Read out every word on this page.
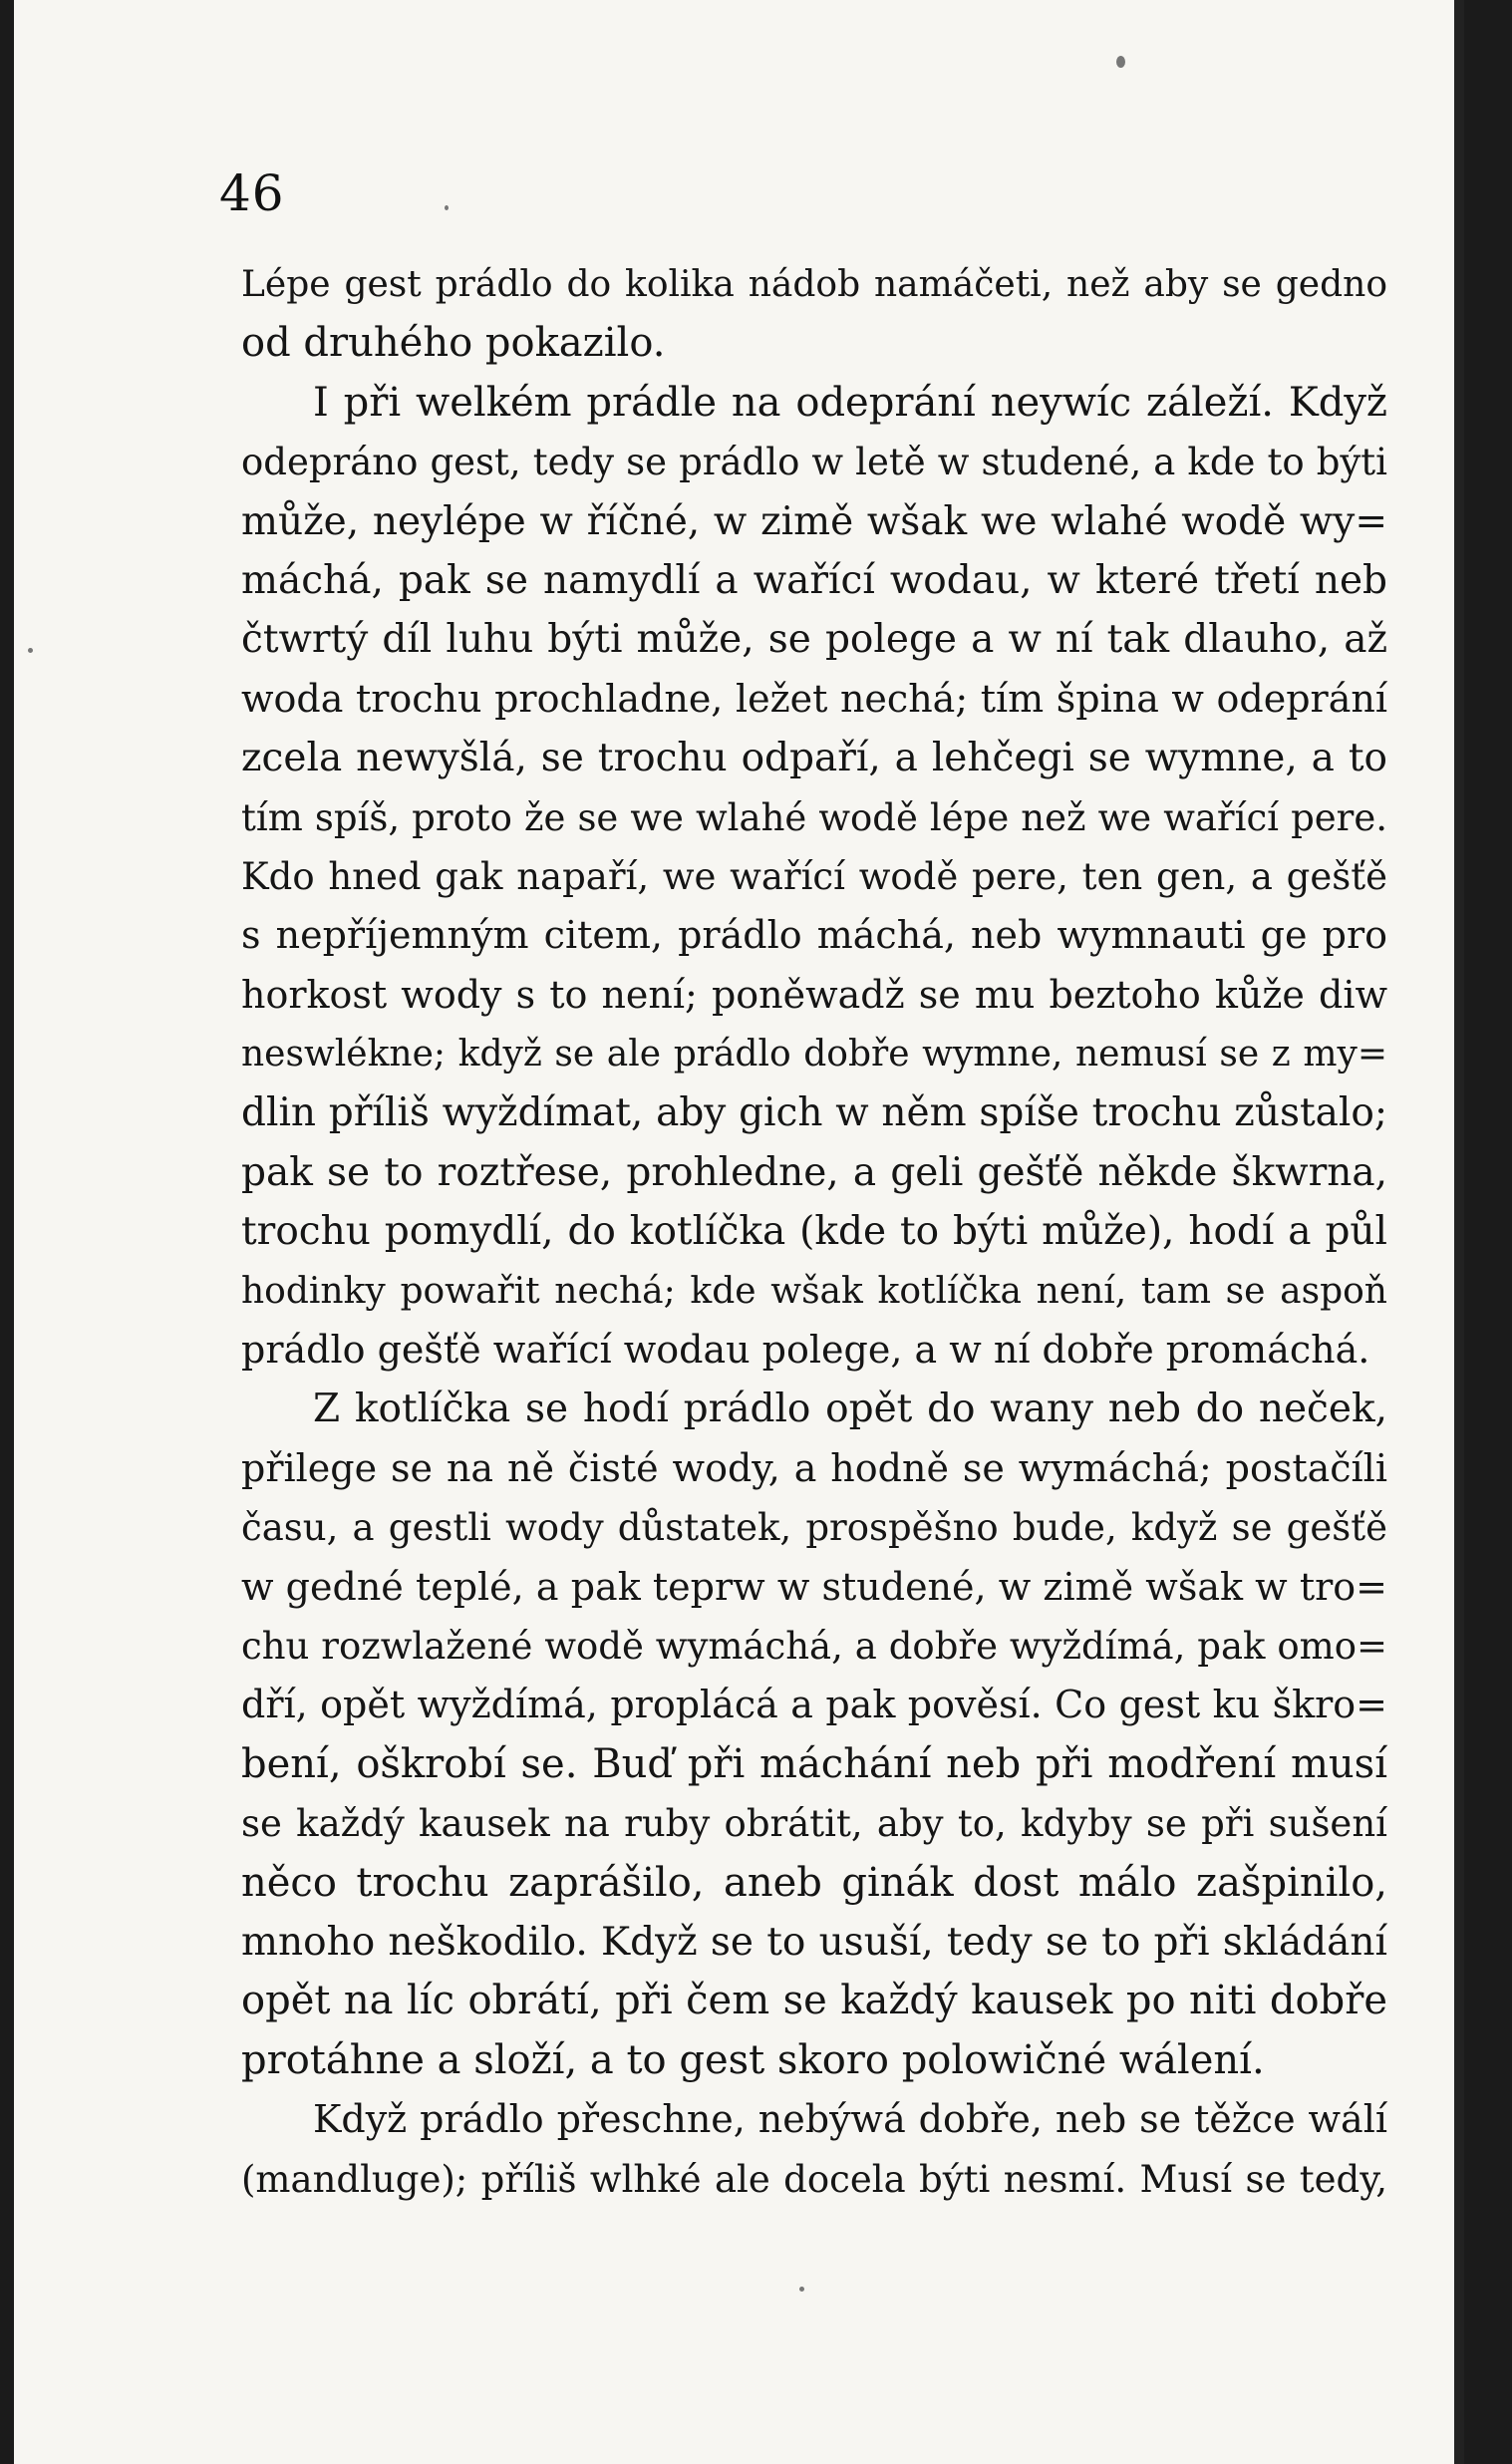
46
Lépe gest prádlo do kolika nádob namáčeti, než aby se gedno
od druhého pokazilo.
I při welkém prádle na odeprání neywíc záleží. Když
odepráno gest, tedy se prádlo w letě w studené, a kde to býti
může, neylépe w říčné, w zimě wšak we wlahé wodě wy=
máchá, pak se namydlí a wařící wodau, w které třetí neb
čtwrtý díl luhu býti může, se polege a w ní tak dlauho, až
woda trochu prochladne, ležet nechá; tím špina w odeprání
zcela newyšlá, se trochu odpaří, a lehčegi se wymne, a to
tím spíš, proto že se we wlahé wodě lépe než we wařící pere.
Kdo hned gak napaří, we wařící wodě pere, ten gen, a gešťě
s nepříjemným citem, prádlo máchá, neb wymnauti ge pro
horkost wody s to není; poněwadž se mu beztoho kůže diw
neswlékne; když se ale prádlo dobře wymne, nemusí se z my=
dlin příliš wyždímat, aby gich w něm spíše trochu zůstalo;
pak se to roztřese, prohledne, a geli gešťě někde škwrna,
trochu pomydlí, do kotlíčka (kde to býti může), hodí a půl
hodinky powařit nechá; kde wšak kotlíčka není, tam se aspoň
prádlo gešťě wařící wodau polege, a w ní dobře promáchá.
Z kotlíčka se hodí prádlo opět do wany neb do neček,
přilege se na ně čisté wody, a hodně se wymáchá; postačíli
času, a gestli wody důstatek, prospěšno bude, když se gešťě
w gedné teplé, a pak teprw w studené, w zimě wšak w tro=
chu rozwlažené wodě wymáchá, a dobře wyždímá, pak omo=
dří, opět wyždímá, proplácá a pak pověsí. Co gest ku škro=
bení, oškrobí se. Buď při máchání neb při modření musí
se každý kausek na ruby obrátit, aby to, kdyby se při sušení
něco trochu zaprášilo, aneb ginák dost málo zašpinilo,
mnoho neškodilo. Když se to usuší, tedy se to při skládání
opět na líc obrátí, při čem se každý kausek po niti dobře
protáhne a složí, a to gest skoro polowičné wálení.
Když prádlo přeschne, nebýwá dobře, neb se těžce wálí
(mandluge); příliš wlhké ale docela býti nesmí. Musí se tedy,
